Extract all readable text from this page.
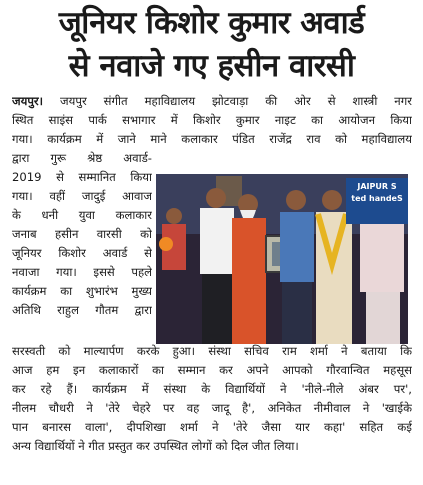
जूनियर किशोर कुमार अवार्ड
से नवाजे गए हसीन वारसी
जयपुर। जयपुर संगीत महाविद्यालय झोटवाड़ा की ओर से शास्त्री नगर
स्थित साइंस पार्क सभागार में किशोर कुमार नाइट का आयोजन किया
गया। कार्यक्रम में जाने माने कलाकार पंडित राजेंद्र राव को महाविद्यालय
द्वारा गुरू श्रेष्ठ अवार्ड-
2019 से सम्मानित किया
गया। वहीं जादुई आवाज
के धनी युवा कलाकार
जनाब हसीन वारसी को
जूनियर किशोर अवार्ड से
नवाजा गया। इससे पहले
कार्यक्रम का शुभारंभ मुख्य
अतिथि राहुल गौतम द्वारा
सरस्वती को माल्यार्पण करके हुआ। संस्था सचिव राम शर्मा ने बताया कि
आज हम इन कलाकारों का सम्मान कर अपने आपको गौरवान्वित महसूस
कर रहे हैं। कार्यक्रम में संस्था के विद्यार्थियों ने 'नीले-नीले अंबर पर',
नीलम चौधरी ने 'तेरे चेहरे पर वह जादू है', अनिकेत नीमीवाल ने 'खाईके
पान बनारस वाला', दीपशिखा शर्मा ने 'तेरे जैसा यार कहा' सहित कई
अन्य विद्यार्थियों ने गीत प्रस्तुत कर उपस्थित लोगों को दिल जीत लिया।
JAIPUR S
ted handeS
